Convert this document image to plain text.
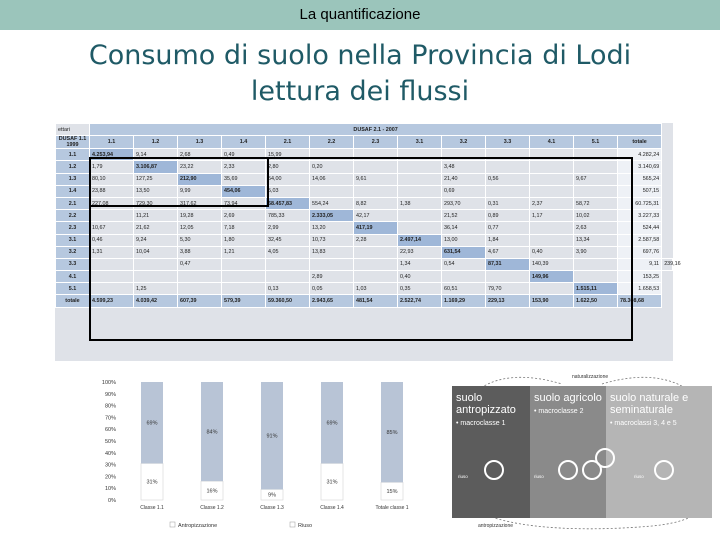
La quantificazione
Consumo di suolo nella Provincia di Lodi
lettura dei flussi
ettari	DUSAF 2.1 - 2007													
DUSAF 1.1
1999	1.1	1.2	1.3	1.4	2.1	2.2	2.3	3.1	3.2	3.3	4.1	5.1	totale	
1.1	4.253,94	9,14	2,68	0,49	15,99								4.282,24	
1.2	1,79	3.106,87	23,22	2,33	2,80	0,20			3,48				3.140,69	
1.3	80,10	127,25	212,90	35,69	54,00	14,06	9,61		21,40	0,56		9,67	565,24	
1.4	23,88	13,50	9,99	454,06	5,03				0,69				507,15	
2.1	227,08	729,30	317,62	73,94	58.457,83	554,24	8,82	1,38	293,70	0,31	2,37	58,72	60.725,31	
2.2		11,21	19,28	2,69	785,33	2.333,05	42,17		21,52	0,89	1,17	10,02	3.227,33	
2.3	10,67	21,62	12,05	7,18	2,99	13,20	417,19		36,14	0,77		2,63	524,44	
3.1	0,46	9,24	5,30	1,80	32,45	10,73	2,28	2.497,14	13,00	1,84		13,34	2.587,58	
3.2	1,31	10,04	3,88	1,21	4,05	13,83		22,93	631,54	4,67	0,40	3,90	697,76	
3.3			0,47					1,34	0,54	87,31	140,39		9,11	239,16
4.1						2,89		0,40			149,96		153,25	
5.1		1,25			0,13	0,05	1,03	0,35	60,51	79,70		1.515,11	1.658,53	
totale	4.599,23	4.039,42	607,39	579,39	59.360,50	2.943,65	481,54	2.522,74	1.169,29	229,13	153,90	1.622,50	78.308,68	
0%
10%
20%
30%
40%
50%
60%
70%
80%
90%
100%
31%
69%
Classe 1.1
16%
84%
Classe 1.2
9%
91%
Classe 1.3
31%
69%
Classe 1.4
15%
85%
Totale classe 1
Antropizzazione	Riuso
naturalizzazione
antropizzazione
suolo antropizzato
• macroclasse 1
suolo agricolo
• macroclasse 2
suolo naturale e seminaturale
• macroclassi 3, 4 e 5
riuso	riuso	riuso
